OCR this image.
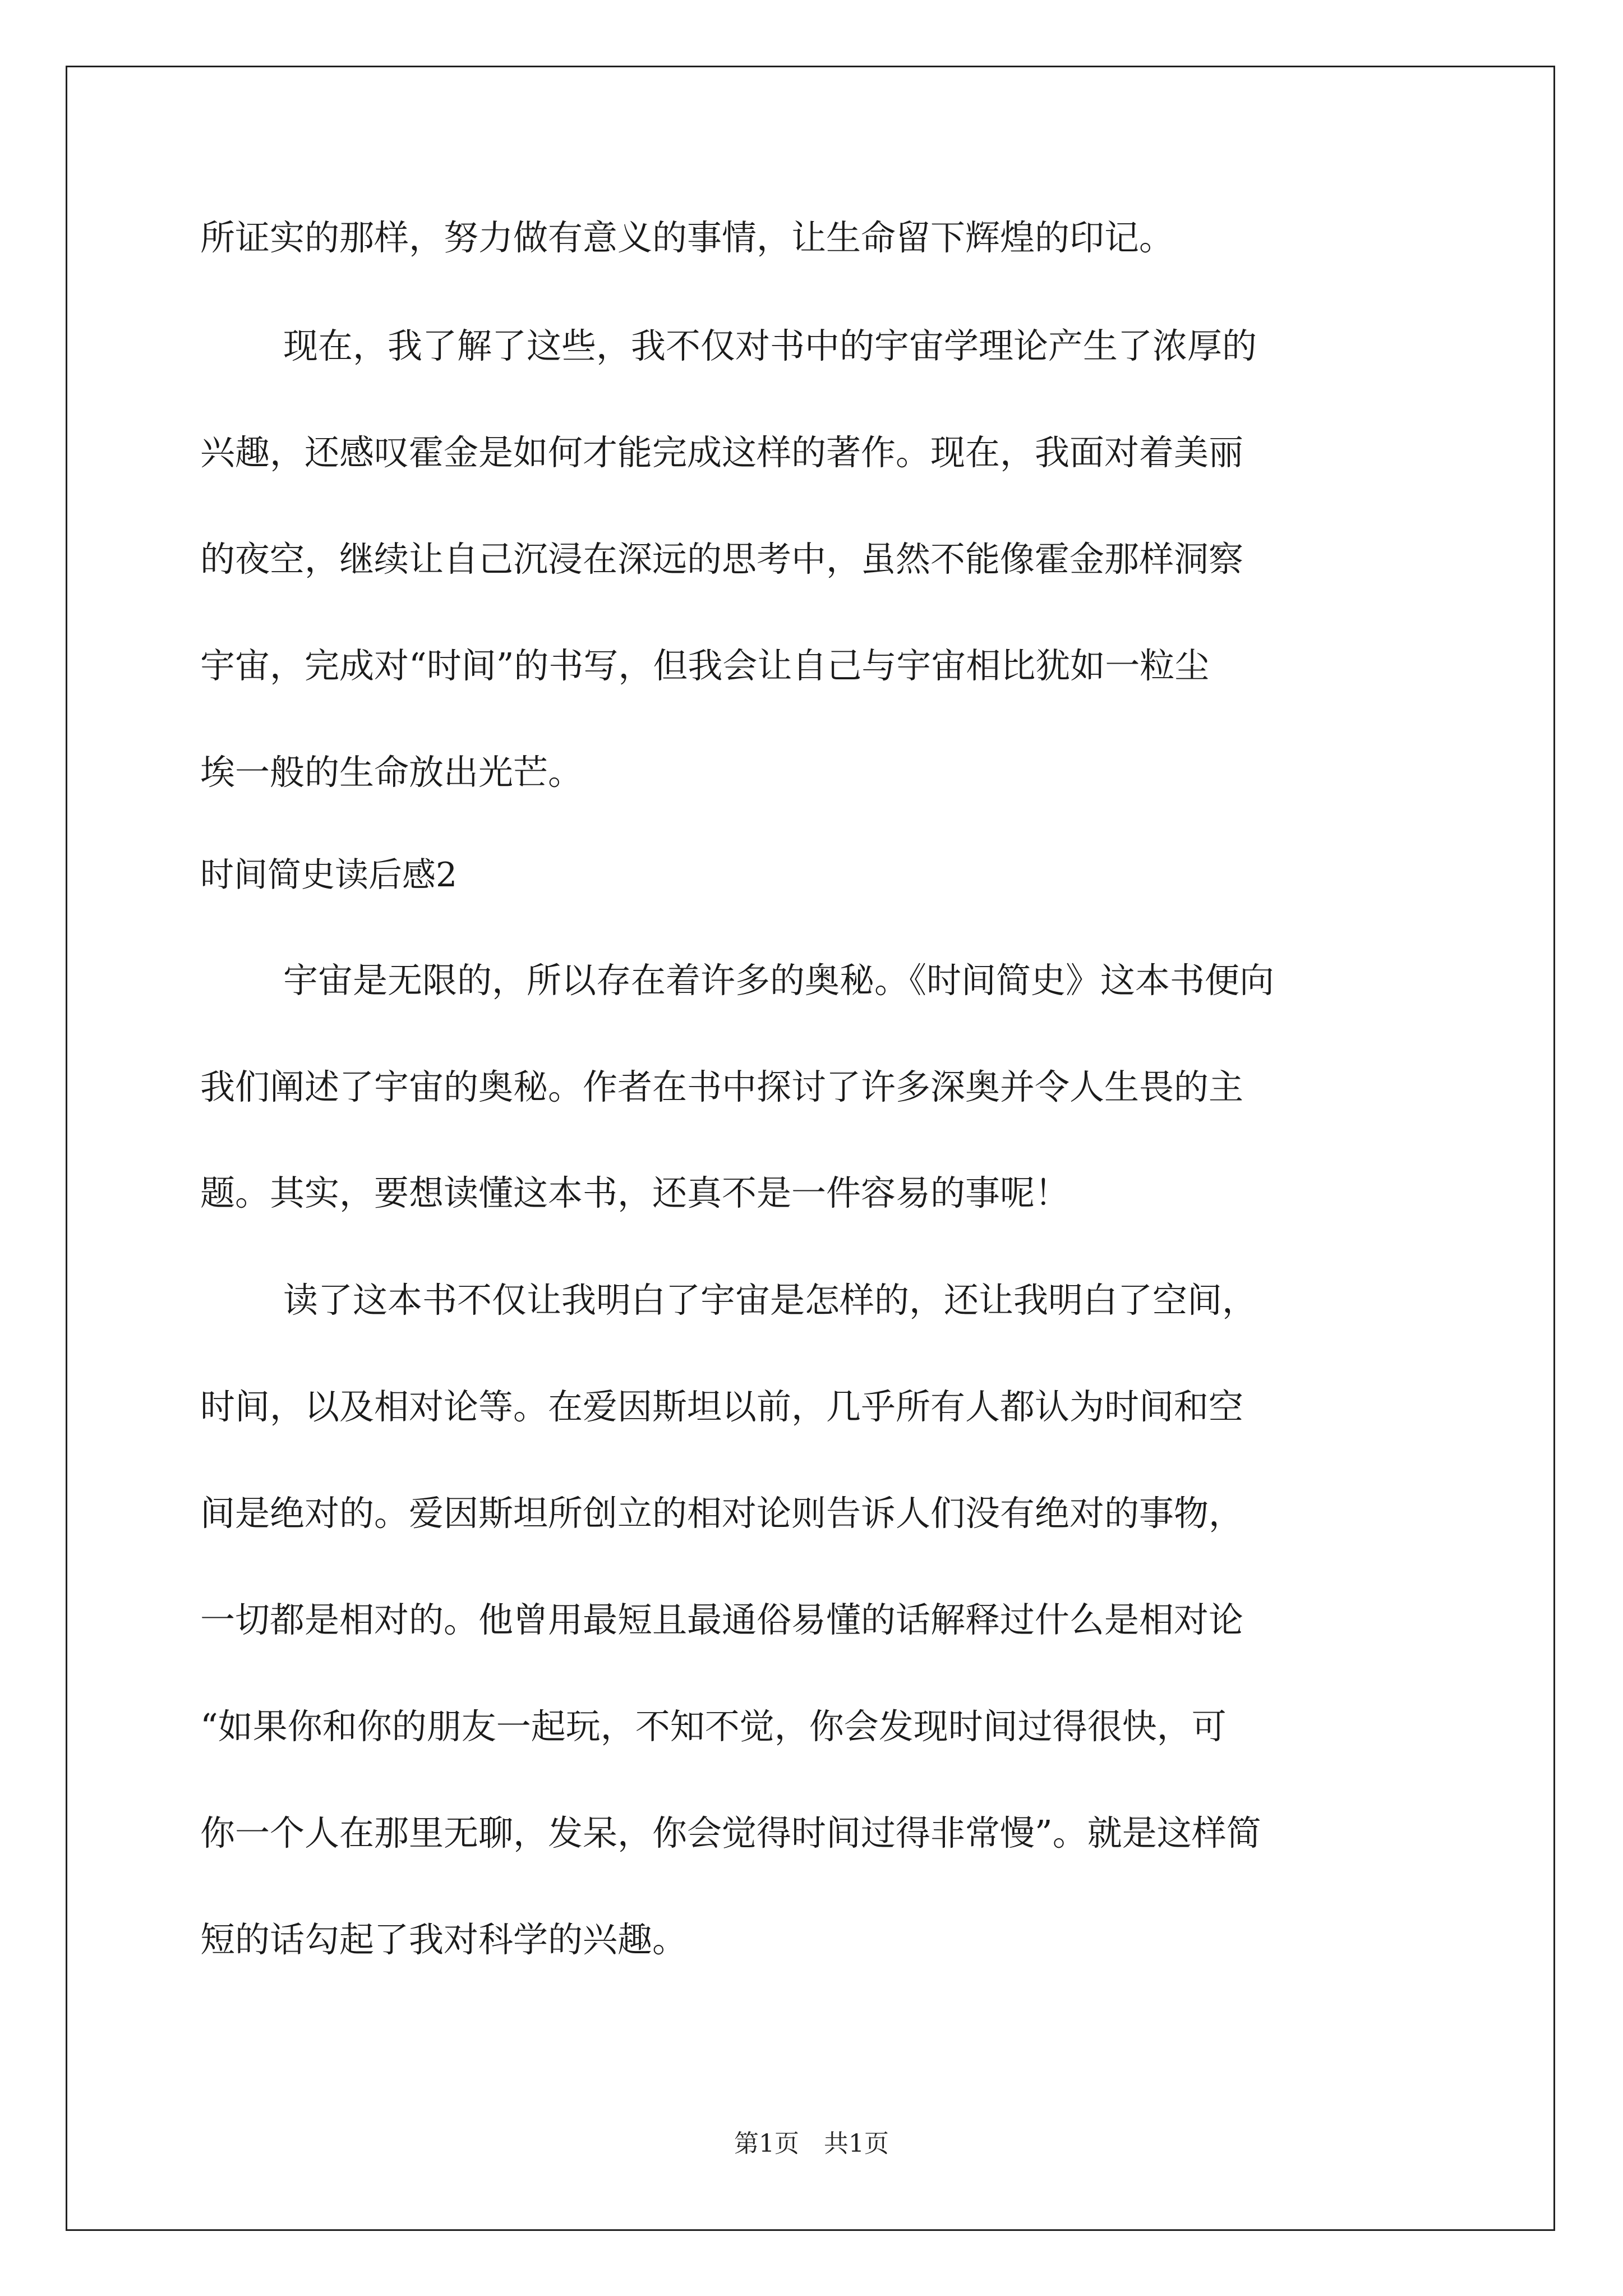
所证实的那样，努力做有意义的事情，让生命留下辉煌的印记。
现在，我了解了这些，我不仅对书中的宇宙学理论产生了浓厚的
兴趣，还感叹霍金是如何才能完成这样的著作。现在，我面对着美丽
的夜空，继续让自己沉浸在深远的思考中，虽然不能像霍金那样洞察
宇宙，完成对“时间”的书写，但我会让自己与宇宙相比犹如一粒尘
埃一般的生命放出光芒。
时间简史读后感2
宇宙是无限的，所以存在着许多的奥秘。《时间简史》这本书便向
我们阐述了宇宙的奥秘。作者在书中探讨了许多深奥并令人生畏的主
题。其实，要想读懂这本书，还真不是一件容易的事呢！
读了这本书不仅让我明白了宇宙是怎样的，还让我明白了空间，
时间，以及相对论等。在爱因斯坦以前，几乎所有人都认为时间和空
间是绝对的。爱因斯坦所创立的相对论则告诉人们没有绝对的事物，
一切都是相对的。他曾用最短且最通俗易懂的话解释过什么是相对论
“如果你和你的朋友一起玩，不知不觉，你会发现时间过得很快，可
你一个人在那里无聊，发呆，你会觉得时间过得非常慢”。就是这样简
短的话勾起了我对科学的兴趣。
第1页　共1页
